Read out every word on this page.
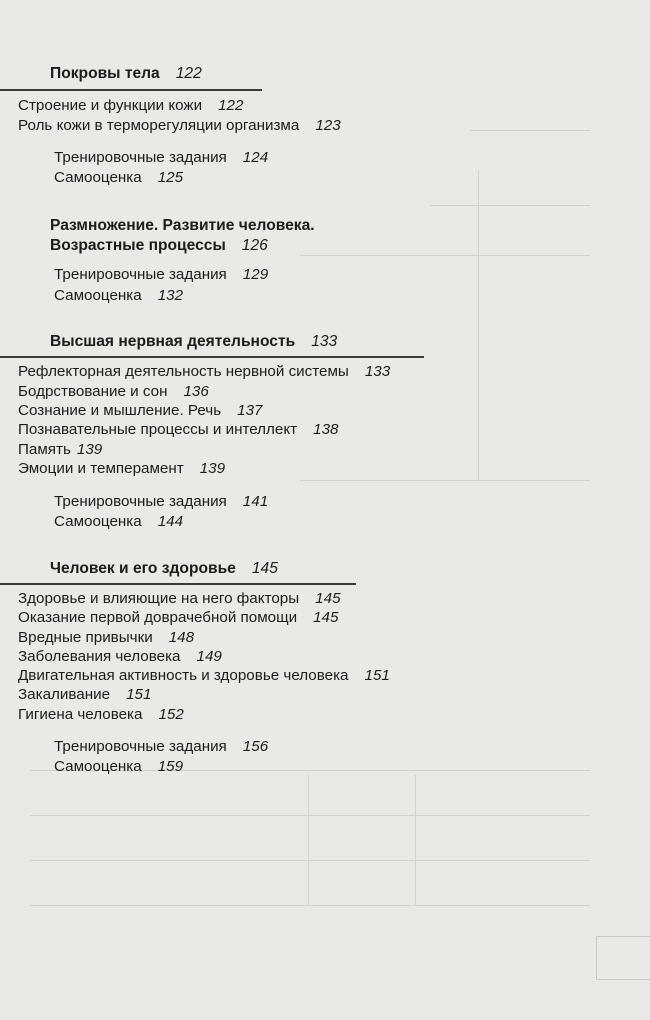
Покровы тела 122
Строение и функции кожи 122
Роль кожи в терморегуляции организма 123
Тренировочные задания 124
Самооценка 125
Размножение. Развитие человека.
Возрастные процессы 126
Тренировочные задания 129
Самооценка 132
Высшая нервная деятельность 133
Рефлекторная деятельность нервной системы 133
Бодрствование и сон 136
Сознание и мышление. Речь 137
Познавательные процессы и интеллект 138
Память 139
Эмоции и темперамент 139
Тренировочные задания 141
Самооценка 144
Человек и его здоровье 145
Здоровье и влияющие на него факторы 145
Оказание первой доврачебной помощи 145
Вредные привычки 148
Заболевания человека 149
Двигательная активность и здоровье человека 151
Закаливание 151
Гигиена человека 152
Тренировочные задания 156
Самооценка 159
